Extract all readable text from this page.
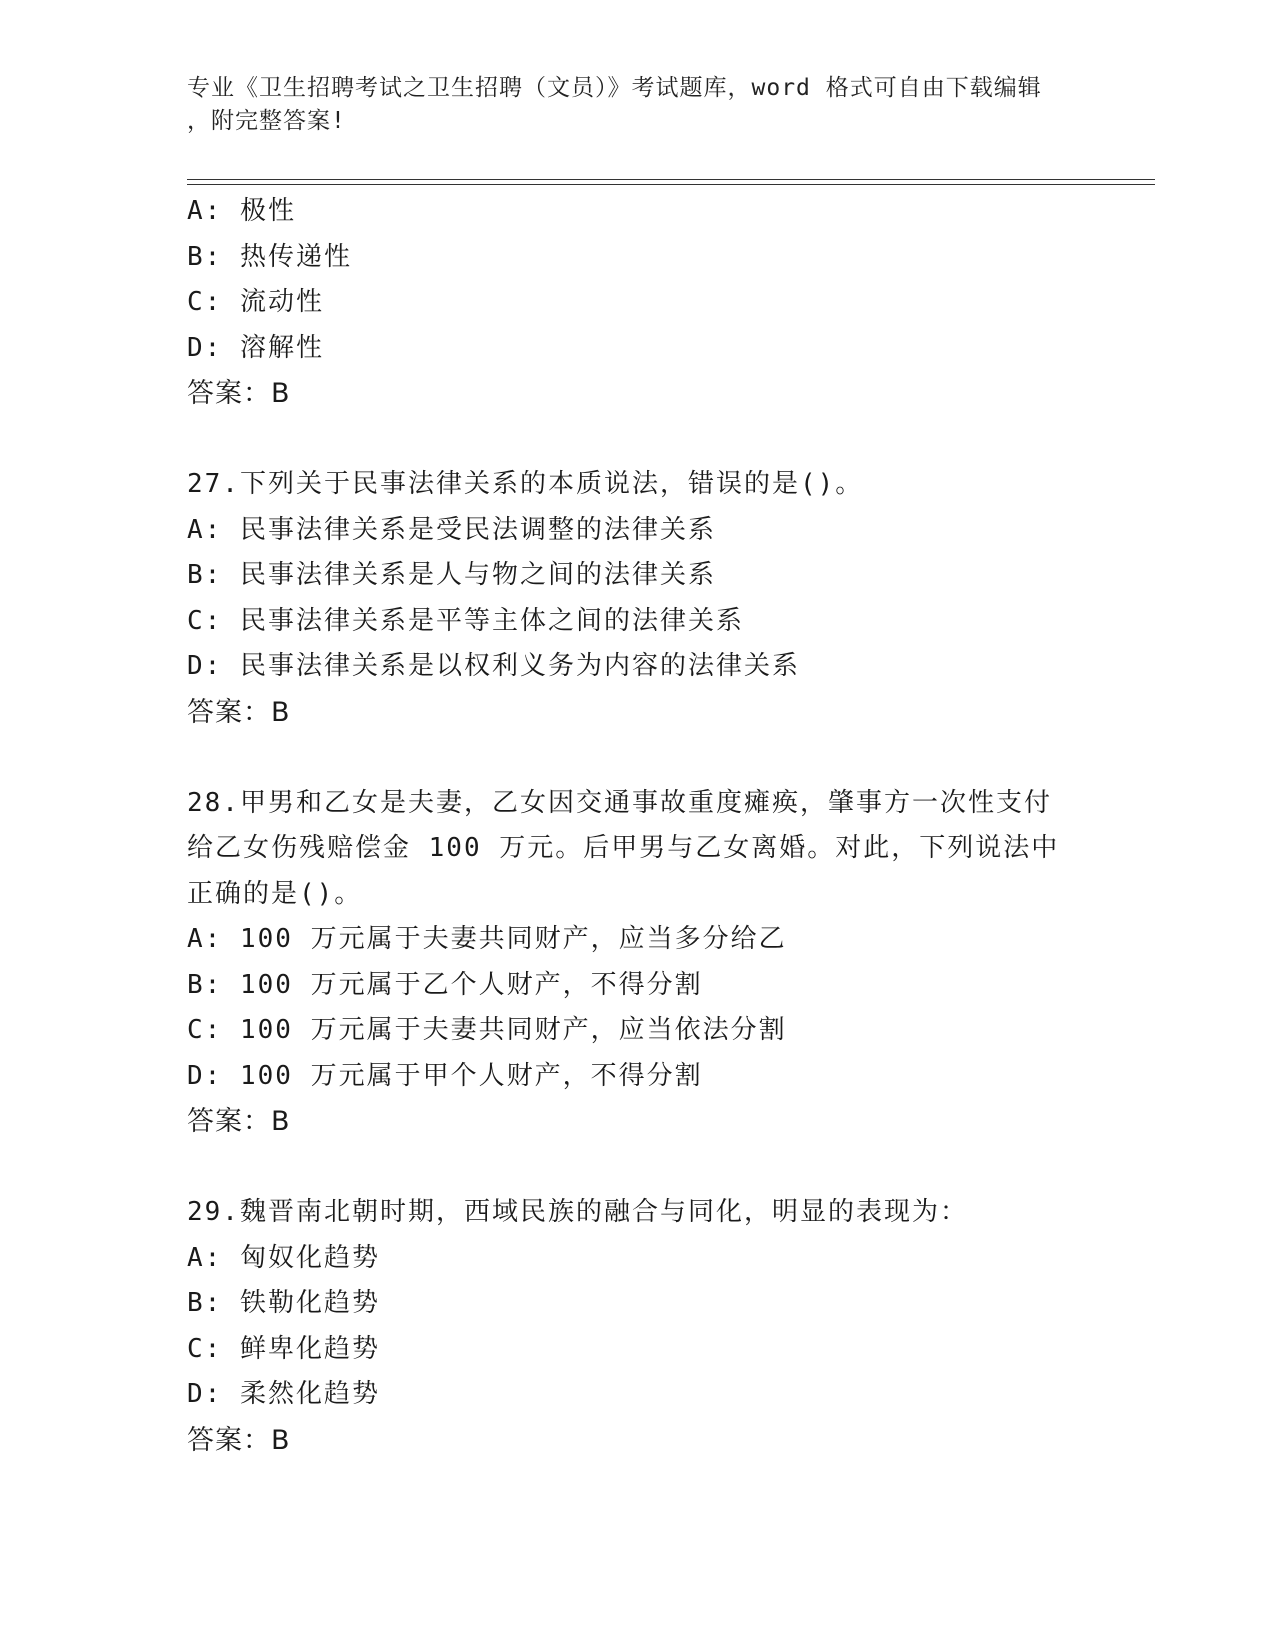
专业《卫生招聘考试之卫生招聘（文员）》考试题库，word 格式可自由下载编辑
，附完整答案!
A: 极性
B: 热传递性
C: 流动性
D: 溶解性
答案：B
27.下列关于民事法律关系的本质说法，错误的是()。
A: 民事法律关系是受民法调整的法律关系
B: 民事法律关系是人与物之间的法律关系
C: 民事法律关系是平等主体之间的法律关系
D: 民事法律关系是以权利义务为内容的法律关系
答案：B
28.甲男和乙女是夫妻，乙女因交通事故重度瘫痪，肇事方一次性支付
给乙女伤残赔偿金 100 万元。后甲男与乙女离婚。对此，下列说法中
正确的是()。
A: 100 万元属于夫妻共同财产，应当多分给乙
B: 100 万元属于乙个人财产，不得分割
C: 100 万元属于夫妻共同财产，应当依法分割
D: 100 万元属于甲个人财产，不得分割
答案：B
29.魏晋南北朝时期，西域民族的融合与同化，明显的表现为：
A: 匈奴化趋势
B: 铁勒化趋势
C: 鲜卑化趋势
D: 柔然化趋势
答案：B
